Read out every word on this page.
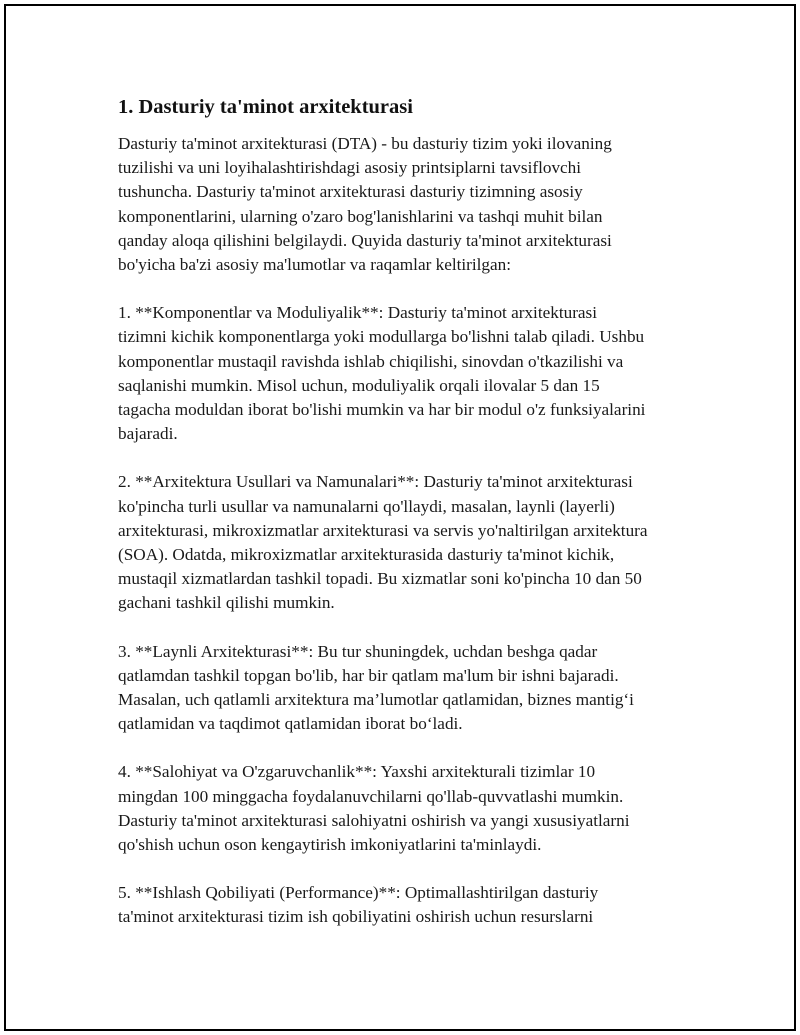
1. Dasturiy ta'minot arxitekturasi

Dasturiy ta'minot arxitekturasi (DTA) - bu dasturiy tizim yoki ilovaning
tuzilishi va uni loyihalashtirishdagi asosiy printsiplarni tavsiflovchi
tushuncha. Dasturiy ta'minot arxitekturasi dasturiy tizimning asosiy
komponentlarini, ularning o'zaro bog'lanishlarini va tashqi muhit bilan
qanday aloqa qilishini belgilaydi. Quyida dasturiy ta'minot arxitekturasi
bo'yicha ba'zi asosiy ma'lumotlar va raqamlar keltirilgan:

1. **Komponentlar va Moduliyalik**: Dasturiy ta'minot arxitekturasi
tizimni kichik komponentlarga yoki modullarga bo'lishni talab qiladi. Ushbu
komponentlar mustaqil ravishda ishlab chiqilishi, sinovdan o'tkazilishi va
saqlanishi mumkin. Misol uchun, moduliyalik orqali ilovalar 5 dan 15
tagacha moduldan iborat bo'lishi mumkin va har bir modul o'z funksiyalarini
bajaradi.

2. **Arxitektura Usullari va Namunalari**: Dasturiy ta'minot arxitekturasi
ko'pincha turli usullar va namunalarni qo'llaydi, masalan, laynli (layerli)
arxitekturasi, mikroxizmatlar arxitekturasi va servis yo'naltirilgan arxitektura
(SOA). Odatda, mikroxizmatlar arxitekturasida dasturiy ta'minot kichik,
mustaqil xizmatlardan tashkil topadi. Bu xizmatlar soni ko'pincha 10 dan 50
gachani tashkil qilishi mumkin.

3. **Laynli Arxitekturasi**: Bu tur shuningdek, uchdan beshga qadar
qatlamdan tashkil topgan bo'lib, har bir qatlam ma'lum bir ishni bajaradi.
Masalan, uch qatlamli arxitektura ma’lumotlar qatlamidan, biznes mantig‘i
qatlamidan va taqdimot qatlamidan iborat bo‘ladi.

4. **Salohiyat va O'zgaruvchanlik**: Yaxshi arxitekturali tizimlar 10
mingdan 100 minggacha foydalanuvchilarni qo'llab-quvvatlashi mumkin.
Dasturiy ta'minot arxitekturasi salohiyatni oshirish va yangi xususiyatlarni
qo'shish uchun oson kengaytirish imkoniyatlarini ta'minlaydi.

5. **Ishlash Qobiliyati (Performance)**: Optimallashtirilgan dasturiy
ta'minot arxitekturasi tizim ish qobiliyatini oshirish uchun resurslarni
